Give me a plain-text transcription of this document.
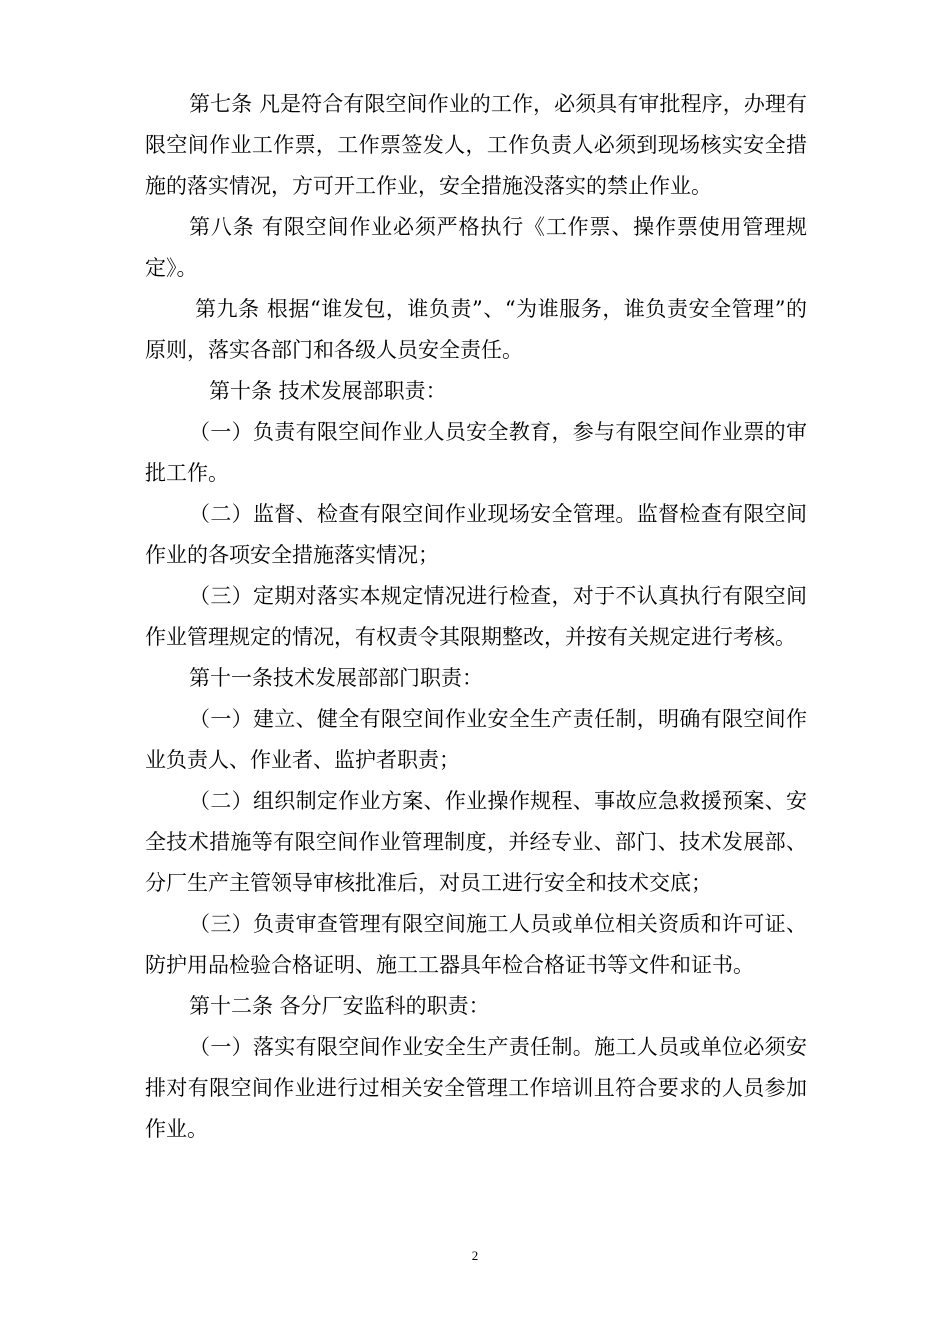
第七条 凡是符合有限空间作业的工作，必须具有审批程序，办理有限空间作业工作票，工作票签发人，工作负责人必须到现场核实安全措施的落实情况，方可开工作业，安全措施没落实的禁止作业。

第八条 有限空间作业必须严格执行《工作票、操作票使用管理规定》。

第九条 根据“谁发包，谁负责”、“为谁服务，谁负责安全管理”的原则，落实各部门和各级人员安全责任。

第十条 技术发展部职责：

（一）负责有限空间作业人员安全教育，参与有限空间作业票的审批工作。

（二）监督、检查有限空间作业现场安全管理。监督检查有限空间作业的各项安全措施落实情况；

（三）定期对落实本规定情况进行检查，对于不认真执行有限空间作业管理规定的情况，有权责令其限期整改，并按有关规定进行考核。

第十一条技术发展部部门职责：

（一）建立、健全有限空间作业安全生产责任制，明确有限空间作业负责人、作业者、监护者职责；

（二）组织制定作业方案、作业操作规程、事故应急救援预案、安全技术措施等有限空间作业管理制度，并经专业、部门、技术发展部、分厂生产主管领导审核批准后，对员工进行安全和技术交底；

（三）负责审查管理有限空间施工人员或单位相关资质和许可证、防护用品检验合格证明、施工工器具年检合格证书等文件和证书。

第十二条 各分厂安监科的职责：

（一）落实有限空间作业安全生产责任制。施工人员或单位必须安排对有限空间作业进行过相关安全管理工作培训且符合要求的人员参加作业。

2
